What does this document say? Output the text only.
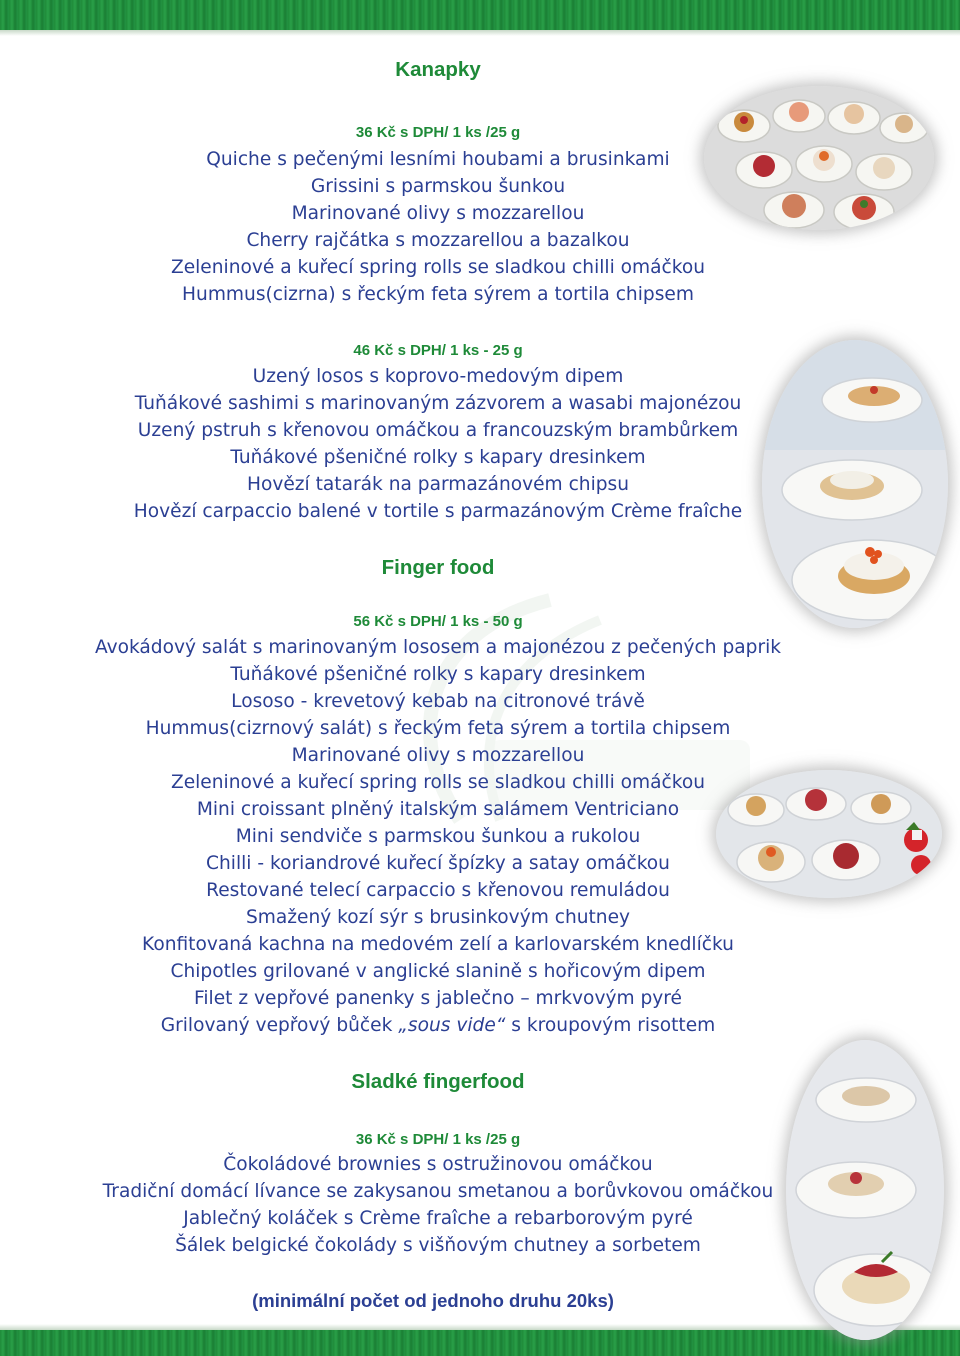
Kanapky
36 Kč s DPH/ 1 ks /25 g
Quiche s pečenými lesními houbami a brusinkami
Grissini s parmskou šunkou
Marinované olivy s mozzarellou
Cherry rajčátka s mozzarellou a bazalkou
Zeleninové a kuřecí spring rolls se sladkou chilli omáčkou
Hummus(cizrna) s řeckým feta sýrem a tortila chipsem
46 Kč s DPH/ 1 ks - 25 g
Uzený losos s koprovo-medovým dipem
Tuňákové sashimi s marinovaným zázvorem a wasabi majonézou
Uzený pstruh s křenovou omáčkou a francouzským brambůrkem
Tuňákové pšeničné rolky s kapary dresinkem
Hovězí tatarák na parmazánovém chipsu
Hovězí carpaccio balené v tortile s parmazánovým Crème fraîche
Finger food
56 Kč s DPH/ 1 ks - 50 g
Avokádový salát s marinovaným lososem a majonézou z pečených paprik
Tuňákové pšeničné rolky s kapary dresinkem
Lososo - krevetový kebab na citronové trávě
Hummus(cizrnový salát) s řeckým feta sýrem a tortila chipsem
Marinované olivy s mozzarellou
Zeleninové a kuřecí spring rolls se sladkou chilli omáčkou
Mini croissant plněný italským salámem Ventriciano
Mini sendviče s parmskou šunkou a rukolou
Chilli - koriandrové kuřecí špízky a satay omáčkou
Restované telecí carpaccio s křenovou remuládou
Smažený kozí sýr s brusinkovým chutney
Konfitovaná kachna na medovém zelí a karlovarském knedlíčku
Chipotles grilované v anglické slanině s hořicovým dipem
Filet z vepřové panenky s jablečno – mrkvovým pyré
Grilovaný vepřový bůček „sous vide“ s kroupovým risottem
Sladké fingerfood
36 Kč s DPH/ 1 ks /25 g
Čokoládové brownies s ostružinovou omáčkou
Tradiční domácí lívance se zakysanou smetanou a borůvkovou omáčkou
Jablečný koláček s Crème fraîche a rebarborovým pyré
Šálek belgické čokolády s višňovým chutney a sorbetem
(minimální počet od jednoho druhu 20ks)
